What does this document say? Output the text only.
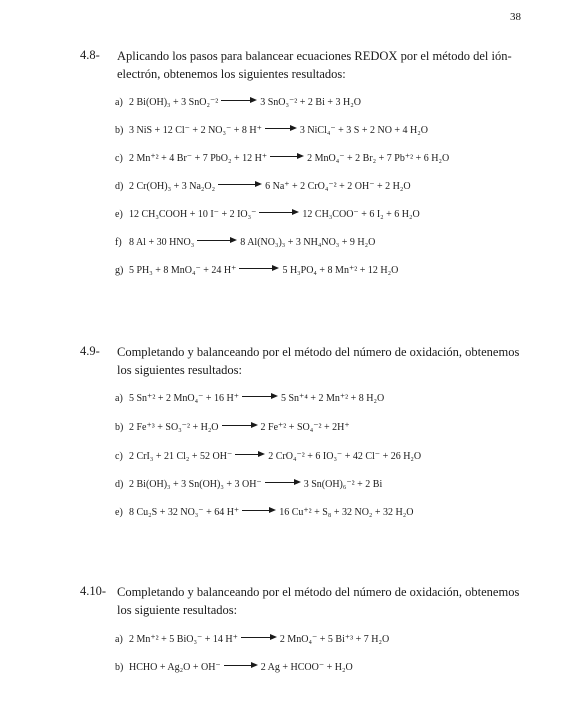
38
4.8- Aplicando los pasos para balancear ecuaciones REDOX por el método del ión-electrón, obtenemos los siguientes resultados:
a) 2 Bi(OH)₃ + 3 SnO₂⁻²	3 SnO₃⁻² + 2 Bi + 3 H₂O
b) 3 NiS + 12 Cl⁻ + 2 NO₃⁻ + 8 H⁺	3 NiCl₄⁻ + 3 S + 2 NO + 4 H₂O
c) 2 Mn⁺² + 4 Br⁻ + 7 PbO₂ + 12 H⁺	2 MnO₄⁻ + 2 Br₂ + 7 Pb⁺² + 6 H₂O
d) 2 Cr(OH)₃ + 3 Na₂O₂	6 Na⁺ + 2 CrO₄⁻² + 2 OH⁻ + 2 H₂O
e) 12 CH₃COOH + 10 I⁻ + 2 IO₃⁻	12 CH₃COO⁻ + 6 I₂ + 6 H₂O
f) 8 Al + 30 HNO₃	8 Al(NO₃)₃ + 3 NH₄NO₃ + 9 H₂O
g) 5 PH₃ + 8 MnO₄⁻ + 24 H⁺	5 H₃PO₄ + 8 Mn⁺² + 12 H₂O
4.9- Completando y balanceando por el método del número de oxidación, obtenemos los siguientes resultados:
a) 5 Sn⁺² + 2 MnO₄⁻ + 16 H⁺	5 Sn⁺⁴ + 2 Mn⁺² + 8 H₂O
b) 2 Fe⁺³ + SO₃⁻² + H₂O	2 Fe⁺² + SO₄⁻² + 2H⁺
c) 2 CrI₃ + 21 Cl₂ + 52 OH⁻	2 CrO₄⁻² + 6 IO₃⁻ + 42 Cl⁻ + 26 H₂O
d) 2 Bi(OH)₃ + 3 Sn(OH)₃ + 3 OH⁻	3 Sn(OH)₆⁻² + 2 Bi
e) 8 Cu₂S + 32 NO₃⁻ + 64 H⁺	16 Cu⁺² + S₈ + 32 NO₂ + 32 H₂O
4.10- Completando y balanceando por el método del número de oxidación, obtenemos los siguiente resultados:
a) 2 Mn⁺² + 5 BiO₃⁻ + 14 H⁺	2 MnO₄⁻ + 5 Bi⁺³ + 7 H₂O
b) HCHO + Ag₂O + OH⁻	2 Ag + HCOO⁻ + H₂O
